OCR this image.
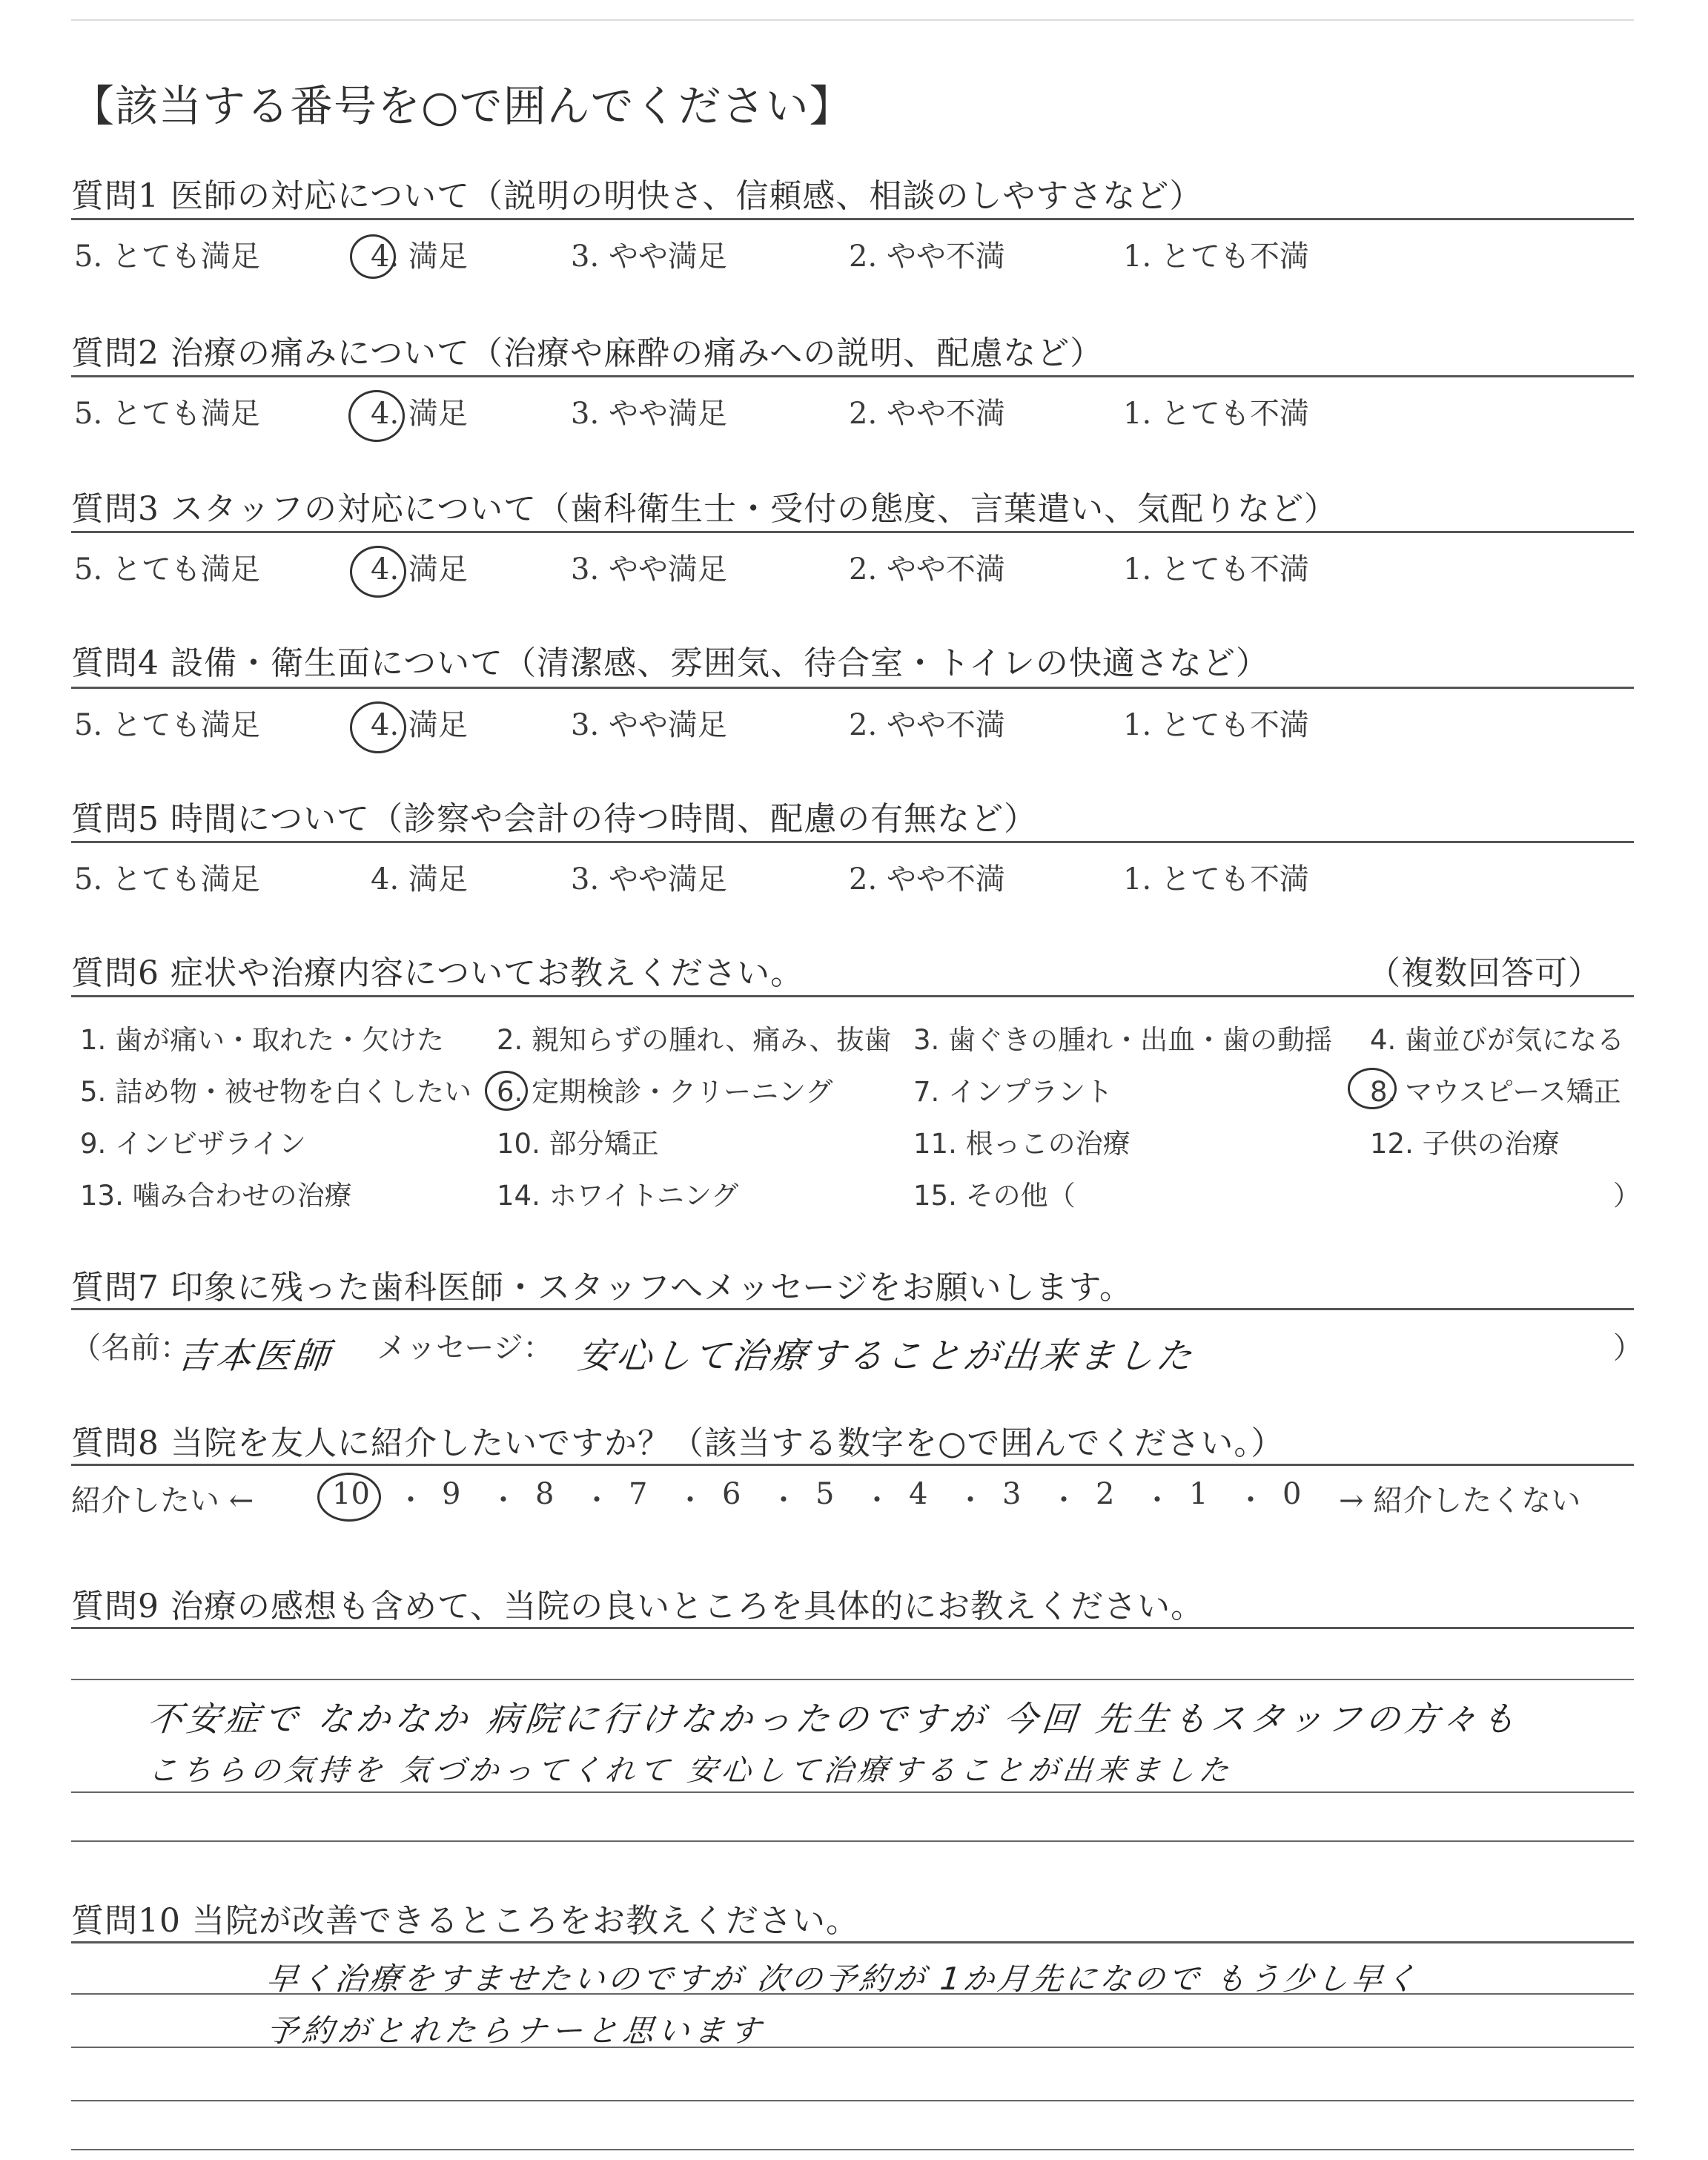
【該当する番号を○で囲んでください】
質問1 医師の対応について（説明の明快さ、信頼感、相談のしやすさなど）
5. とても満足	4. 満足	3. やや満足	2. やや不満	1. とても不満
質問2 治療の痛みについて（治療や麻酔の痛みへの説明、配慮など）
5. とても満足	4. 満足	3. やや満足	2. やや不満	1. とても不満
質問3 スタッフの対応について（歯科衛生士・受付の態度、言葉遣い、気配りなど）
5. とても満足	4. 満足	3. やや満足	2. やや不満	1. とても不満
質問4 設備・衛生面について（清潔感、雰囲気、待合室・トイレの快適さなど）
5. とても満足	4. 満足	3. やや満足	2. やや不満	1. とても不満
質問5 時間について（診察や会計の待つ時間、配慮の有無など）
5. とても満足	4. 満足	3. やや満足	2. やや不満	1. とても不満
質問6 症状や治療内容についてお教えください。	（複数回答可）
1. 歯が痛い・取れた・欠けた 2. 親知らずの腫れ、痛み、抜歯 3. 歯ぐきの腫れ・出血・歯の動揺 4. 歯並びが気になる
5. 詰め物・被せ物を白くしたい 6. 定期検診・クリーニング	7. インプラント	8. マウスピース矯正
9. インビザライン	10. 部分矯正	11. 根っこの治療	12. 子供の治療
13. 噛み合わせの治療	14. ホワイトニング	15. その他（	）
質問7 印象に残った歯科医師・スタッフへメッセージをお願いします。
（名前：
吉本医師 メッセージ： 安心して治療することが出来ました	）
質問8 当院を友人に紹介したいですか？（該当する数字を○で囲んでください。）
紹介したい ←	10 ・ 9 ・ 8 ・ 7 ・ 6 ・ 5 ・ 4 ・ 3 ・ 2 ・ 1 ・ 0 → 紹介したくない
質問9 治療の感想も含めて、当院の良いところを具体的にお教えください。
不安症で なかなか 病院に行けなかったのですが 今回 先生もスタッフの方々も
こちらの気持を 気づかってくれて 安心して治療することが出来ました
質問10 当院が改善できるところをお教えください。
早く治療をすませたいのですが 次の予約が 1か月先になので もう少し早く
予約がとれたらナーと思います
